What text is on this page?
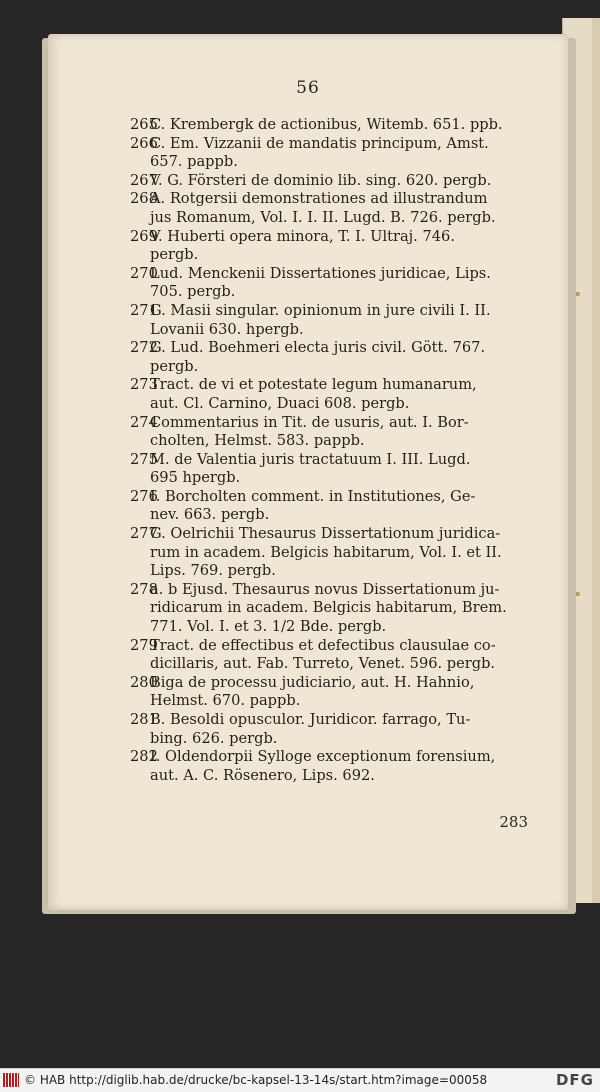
56
265
C. Krembergk de actionibus, Witemb. 651. ppb.
266
C. Em. Vizzanii de mandatis principum, Amst.
657. pappb.
267
V. G. Försteri de dominio lib. sing. 620. pergb.
268
A. Rotgersii demonstrationes ad illustrandum
jus Romanum, Vol. I. I. II. Lugd. B. 726. pergb.
269
V. Huberti opera minora, T. I. Ultraj. 746.
pergb.
270
Lud. Menckenii Dissertationes juridicae, Lips.
705. pergb.
271
G. Masii singular. opinionum in jure civili I. II.
Lovanii 630. hpergb.
272
G. Lud. Boehmeri electa juris civil. Gött. 767.
pergb.
273
Tract. de vi et potestate legum humanarum,
aut. Cl. Carnino, Duaci 608. pergb.
274
Commentarius in Tit. de usuris, aut. I. Bor-
cholten, Helmst. 583. pappb.
275
M. de Valentia juris tractatuum I. III. Lugd.
695 hpergb.
276
I. Borcholten comment. in Institutiones, Ge-
nev. 663. pergb.
277
G. Oelrichii Thesaurus Dissertationum juridica-
rum in academ. Belgicis habitarum, Vol. I. et II.
Lips. 769. pergb.
278
a. b Ejusd. Thesaurus novus Dissertationum ju-
ridicarum in academ. Belgicis habitarum, Brem.
771. Vol. I. et 3. 1/2 Bde. pergb.
279
Tract. de effectibus et defectibus clausulae co-
dicillaris, aut. Fab. Turreto, Venet. 596. pergb.
280
Biga de processu judiciario, aut. H. Hahnio,
Helmst. 670. pappb.
281
B. Besoldi opusculor. Juridicor. farrago, Tu-
bing. 626. pergb.
282
I. Oldendorpii Sylloge exceptionum forensium,
aut. A. C. Rösenero, Lips. 692.
283
© HAB http://diglib.hab.de/drucke/bc-kapsel-13-14s/start.htm?image=00058	DFG
